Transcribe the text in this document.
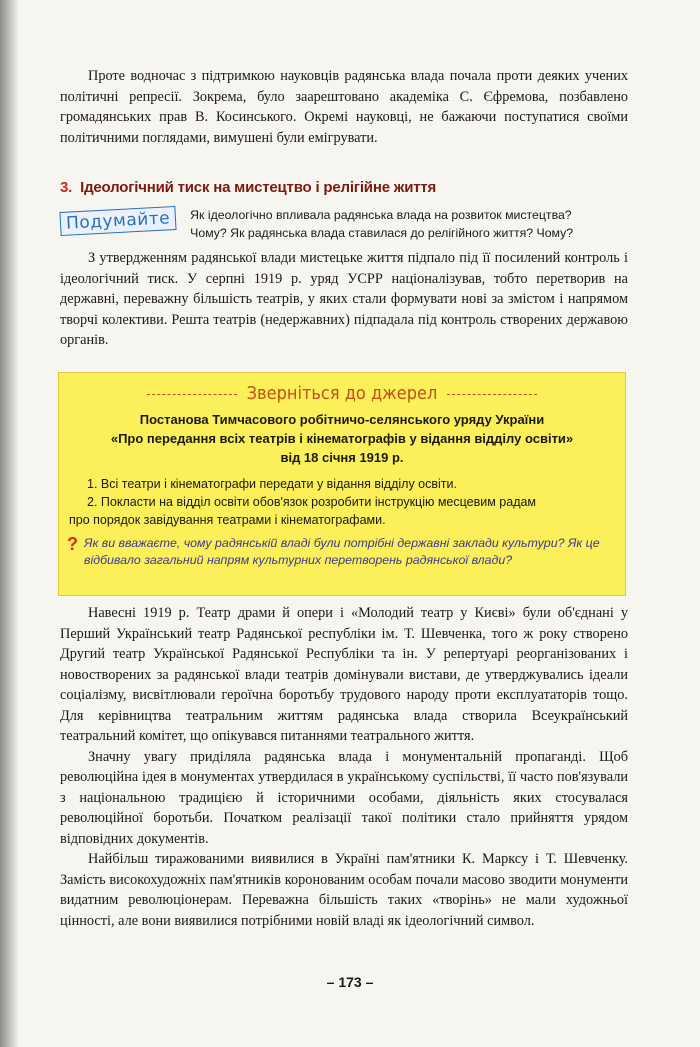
Проте водночас з підтримкою науковців радянська влада почала проти деяких учених політичні репресії. Зокрема, було заарештовано академіка С. Єфремова, позбавлено громадянських прав В. Косинського. Окремі науковці, не бажаючи поступатися своїми політичними поглядами, вимушені були емігрувати.

3. Ідеологічний тиск на мистецтво і релігійне життя
Подумайте	Як ідеологічно впливала радянська влада на розвиток мистецтва?
Чому? Як радянська влада ставилася до релігійного життя? Чому?

З утвердженням радянської влади мистецьке життя підпало під її посилений контроль і ідеологічний тиск. У серпні 1919 р. уряд УСРР націоналізував, тобто перетворив на державні, переважну більшість театрів, у яких стали формувати нові за змістом і напрямом творчі колективи. Решта театрів (недержавних) підпадала під контроль створених державою органів.

Зверніться до джерел
Постанова Тимчасового робітничо-селянського уряду України
«Про передання всіх театрів і кінематографів у відання відділу освіти»
від 18 січня 1919 р.
1. Всі театри і кінематографи передати у відання відділу освіти.
2. Покласти на відділ освіти обов'язок розробити інструкцію месцевим радам
про порядок завідування театрами і кінематографами.
? Як ви вважаєте, чому радянській владі були потрібні державні заклади культури? Як це відбивало загальний напрям культурних перетворень радянської влади?

Навесні 1919 р. Театр драми й опери і «Молодий театр у Києві» були об'єднані у Перший Український театр Радянської республіки ім. Т. Шевченка, того ж року створено Другий театр Української Радянської Республіки та ін. У репертуарі реорганізованих і новостворених за радянської влади театрів домінували вистави, де утверджувались ідеали соціалізму, висвітлювали героїчна боротьбу трудового народу проти експлуататорів тощо. Для керівництва театральним життям радянська влада створила Всеукраїнський театральний комітет, що опікувався питаннями театрального життя.

Значну увагу приділяла радянська влада і монументальній пропаганді. Щоб революційна ідея в монументах утвердилася в українському суспільстві, її часто пов'язували з національною традицією й історичними особами, діяльність яких стосувалася революційної боротьби. Початком реалізації такої політики стало прийняття урядом відповідних документів.

Найбільш тиражованими виявилися в Україні пам'ятники К. Марксу і Т. Шевченку. Замість високохудожніх пам'ятників коронованим особам почали масово зводити монументи видатним революціонерам. Переважна більшість таких «творінь» не мали художньої цінності, але вони виявилися потрібними новій владі як ідеологічний символ.

– 173 –
